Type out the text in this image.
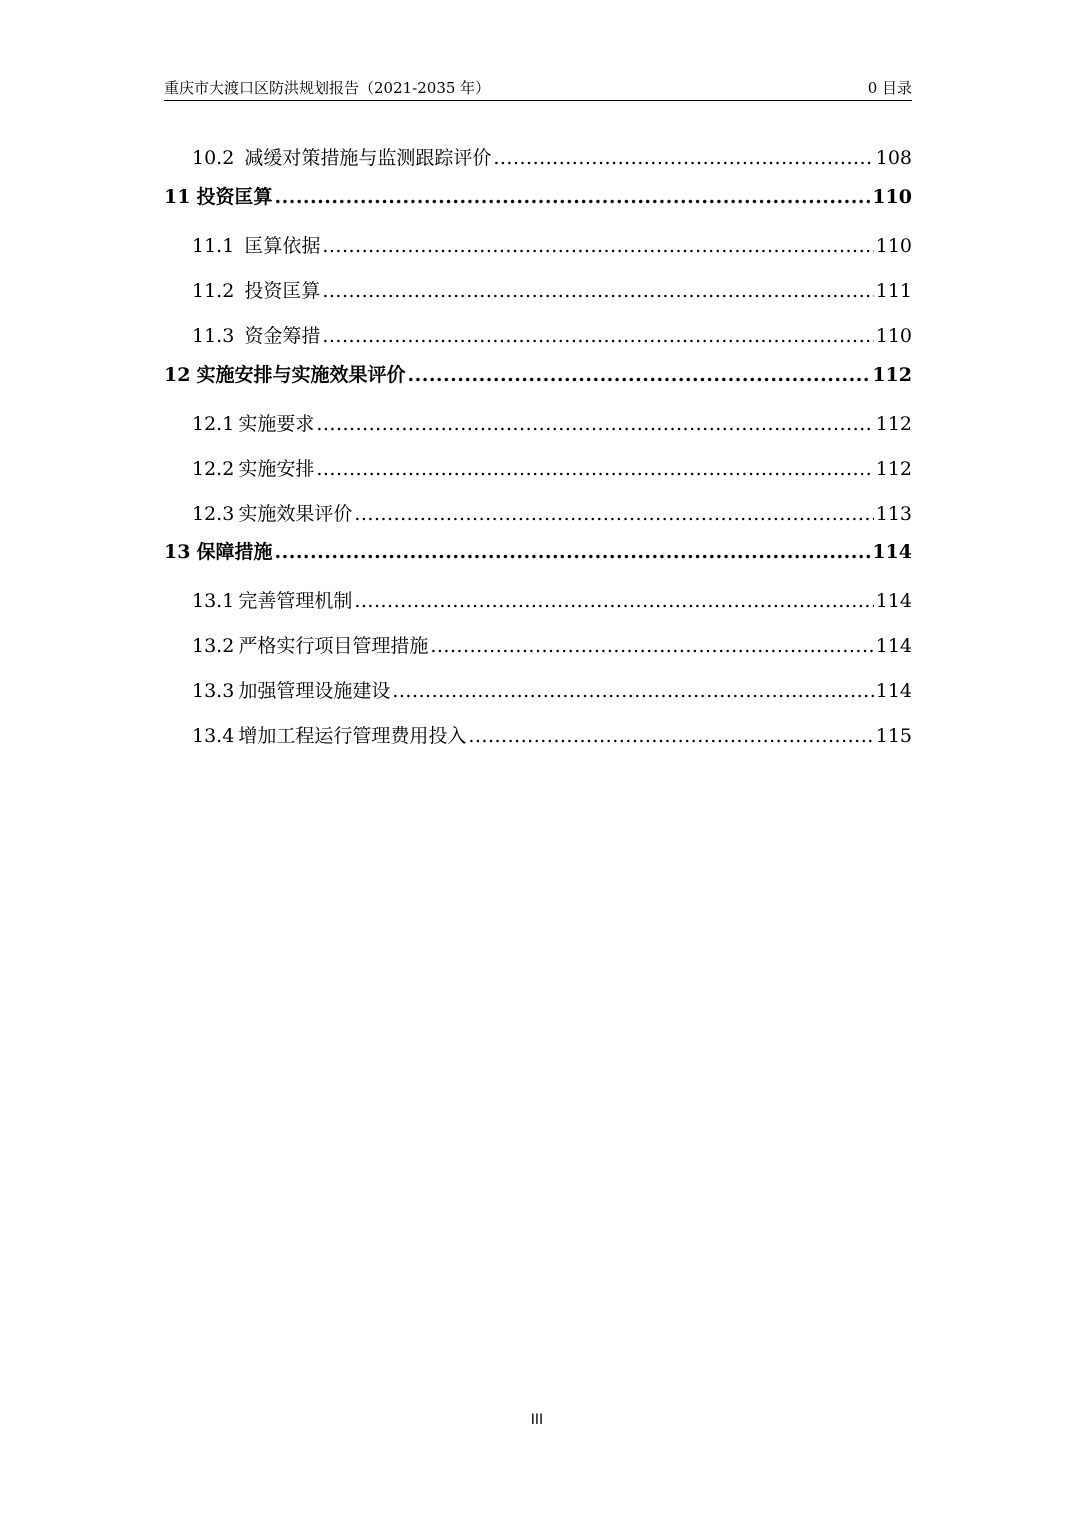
重庆市大渡口区防洪规划报告（2021-2035 年）	0 目录
10.2 减缓对策措施与监测跟踪评价 .....	108
11 投资匡算 .....	110
11.1 匡算依据 .....	110
11.2 投资匡算 .....	111
11.3 资金筹措 .....	110
12 实施安排与实施效果评价 .....	112
12.1 实施要求 .....	112
12.2 实施安排 .....	112
12.3 实施效果评价 .....	113
13 保障措施 .....	114
13.1 完善管理机制 .....	114
13.2 严格实行项目管理措施 .....	114
13.3 加强管理设施建设 .....	114
13.4 增加工程运行管理费用投入 .....	115
III
